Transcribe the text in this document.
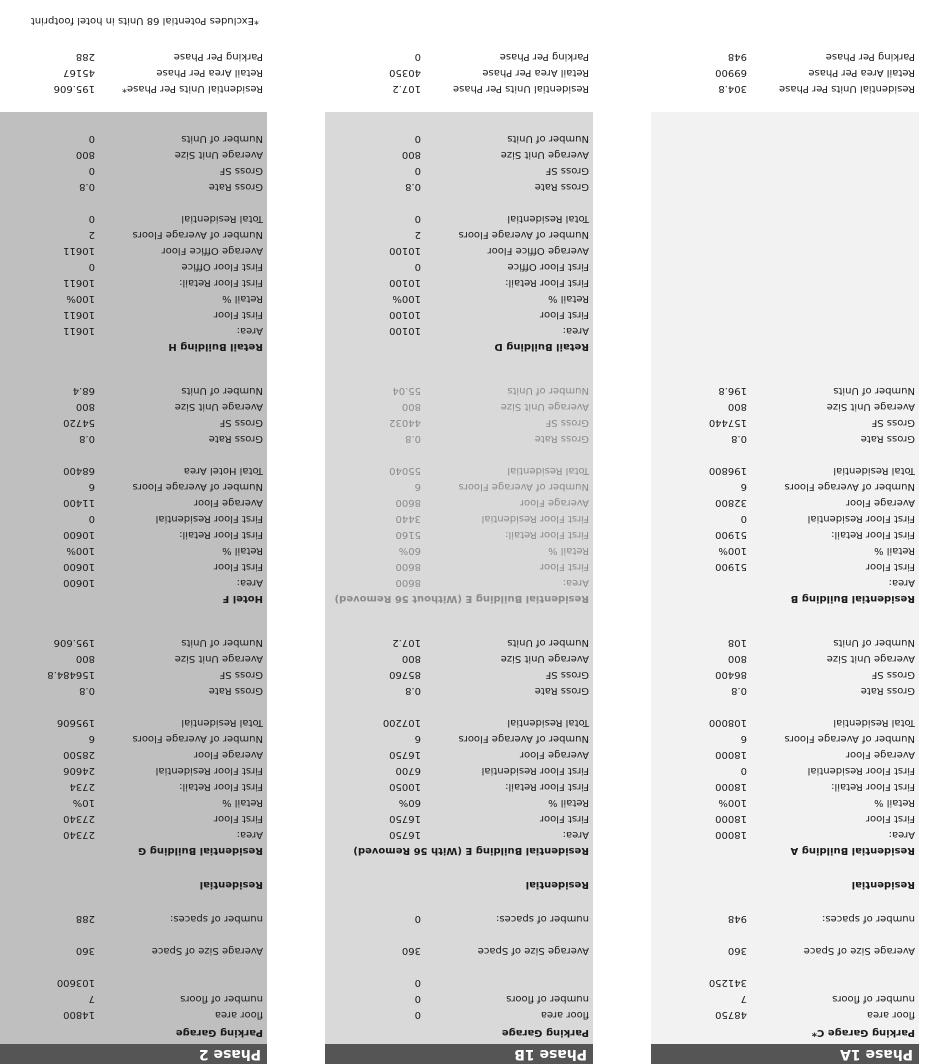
Phase 1A
Parking Garage C*
floor area
48750
number of floors
7
341250
Average Size of Space
360
number of spaces:
948
Residential
Residential Building A
Area:
18000
First Floor
18000
Retail %
100%
First Floor Retail:
18000
First Floor Residential
0
Average Floor
18000
Number of Average Floors
6
Total Residential
108000
Gross Rate
0.8
Gross SF
86400
Average Unit Size
800
Number of Units
108
Residential Building B
Area:
First Floor
51900
Retail %
100%
First Floor Retail:
51900
First Floor Residential
0
Average Floor
32800
Number of Average Floors
6
Total Residential
196800
Gross Rate
0.8
Gross SF
157440
Average Unit Size
800
Number of Units
196.8
Phase 1B
Parking Garage
floor area
0
number of floors
0
0
Average Size of Space
360
number of spaces:
0
Residential
Residential Building E (With 56 Removed)
Area:
16750
First Floor
16750
Retail %
60%
First Floor Retail:
10050
First Floor Residential
6700
Average Floor
16750
Number of Average Floors
6
Total Residential
107200
Gross Rate
0.8
Gross SF
85760
Average Unit Size
800
Number of Units
107.2
Residential Building E (Without 56 Removed)
Area:
8600
First Floor
8600
Retail %
60%
First Floor Retail:
5160
First Floor Residential
3440
Average Floor
8600
Number of Average Floors
6
Total Residential
55040
Gross Rate
0.8
Gross SF
44032
Average Unit Size
800
Number of Units
55.04
Retail Building D
Area:
10100
First Floor
10100
Retail %
100%
First Floor Retail:
10100
First Floor Office
0
Average Office Floor
10100
Number of Average Floors
2
Total Residential
0
Gross Rate
0.8
Gross SF
0
Average Unit Size
800
Number of Units
0
Phase 2
Parking Garage
floor area
14800
number of floors
7
103600
Average Size of Space
360
number of spaces:
288
Residential
Residential Building G
Area:
27340
First Floor
27340
Retail %
10%
First Floor Retail:
2734
First Floor Residential
24606
Average Floor
28500
Number of Average Floors
6
Total Residential
195606
Gross Rate
0.8
Gross SF
156484.8
Average Unit Size
800
Number of Units
195.606
Hotel F
Area:
10600
First Floor
10600
Retail %
100%
First Floor Retail:
10600
First Floor Residential
0
Average Floor
11400
Number of Average Floors
6
Total Hotel Area
68400
Gross Rate
0.8
Gross SF
54720
Average Unit Size
800
Number of Units
68.4
Retail Building H
Area:
10611
First Floor
10611
Retail %
100%
First Floor Retail:
10611
First Floor Office
0
Average Office Floor
10611
Number of Average Floors
2
Total Residential
0
Gross Rate
0.8
Gross SF
0
Average Unit Size
800
Number of Units
0
*Excludes Potential 68 Units in hotel footprint
Residential Units Per Phase
304.8
Retail Area Per Phase
69900
Parking Per Phase
948
Residential Units Per Phase
107.2
Retail Area Per Phase
40350
Parking Per Phase
0
Residential Units Per Phase*
195.606
Retail Area Per Phase
45167
Parking Per Phase
288
